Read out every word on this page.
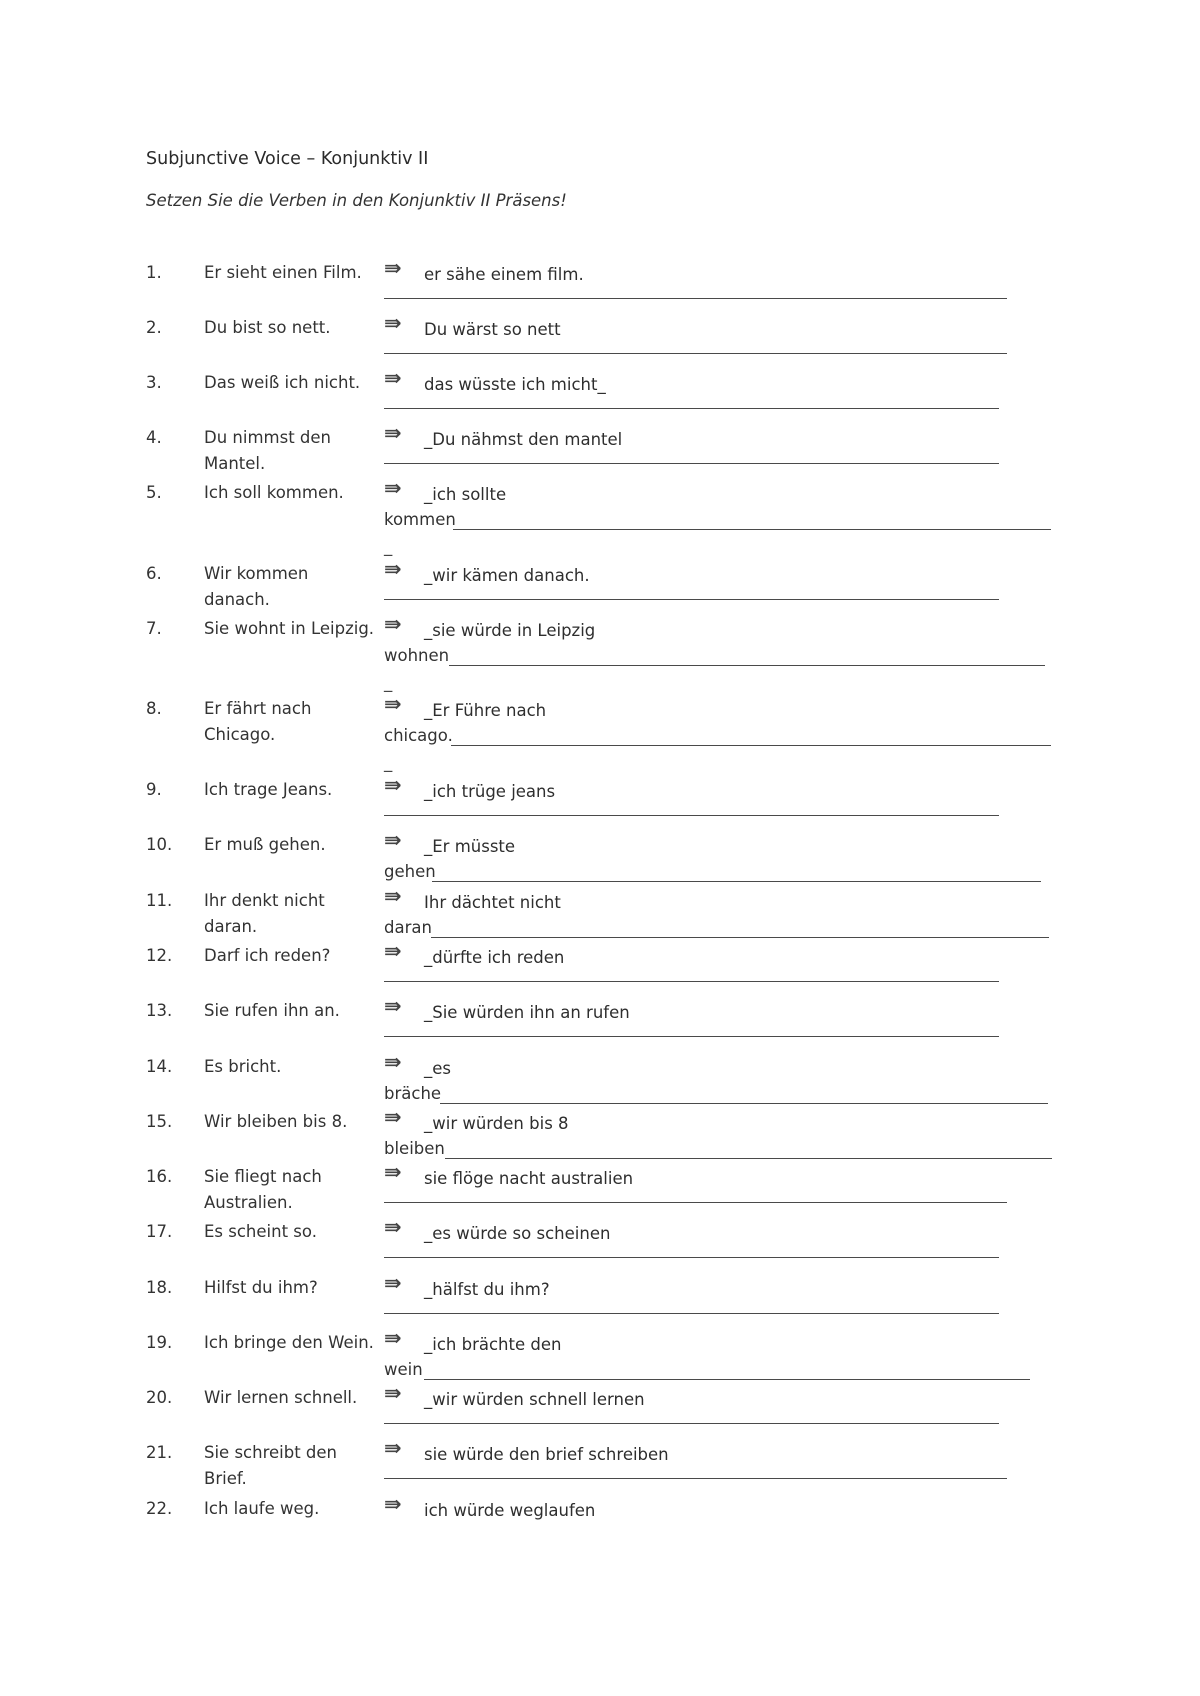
Subjunctive Voice – Konjunktiv II
Setzen Sie die Verben in den Konjunktiv II Präsens!
1.	Er sieht einen Film.	⇛ er sähe einem film.
2.	Du bist so nett.	⇛ Du wärst so nett
3.	Das weiß ich nicht.	⇛ das wüsste ich micht_
4.	Du nimmst den Mantel.
⇛ _Du nähmst den mantel
5.	Ich soll kommen.	⇛ _ich sollte
kommen
_
6.	Wir kommen danach.
⇛ _wir kämen danach.
7.	Sie wohnt in Leipzig. ⇛ _sie würde in Leipzig
wohnen
_
8.	Er fährt nach Chicago.
⇛ _Er Führe nach
chicago.
_
9.	Ich trage Jeans.	⇛ _ich trüge jeans
10. Er muß gehen.	⇛ _Er müsste
gehen
11. Ihr denkt nicht daran.
⇛ Ihr dächtet nicht
daran
12. Darf ich reden?	⇛ _dürfte ich reden
13. Sie rufen ihn an.	⇛ _Sie würden ihn an rufen
14. Es bricht.	⇛ _es
bräche
15. Wir bleiben bis 8.	⇛ _wir würden bis 8
bleiben
16. Sie fliegt nach Australien.
⇛ sie flöge nacht australien
17. Es scheint so.	⇛ _es würde so scheinen
18. Hilfst du ihm?	⇛ _hälfst du ihm?
19. Ich bringe den Wein. ⇛ _ich brächte den
wein
20. Wir lernen schnell.	⇛ _wir würden schnell lernen
21. Sie schreibt den Brief.
⇛ sie würde den brief schreiben
22. Ich laufe weg.	⇛ ich würde weglaufen
